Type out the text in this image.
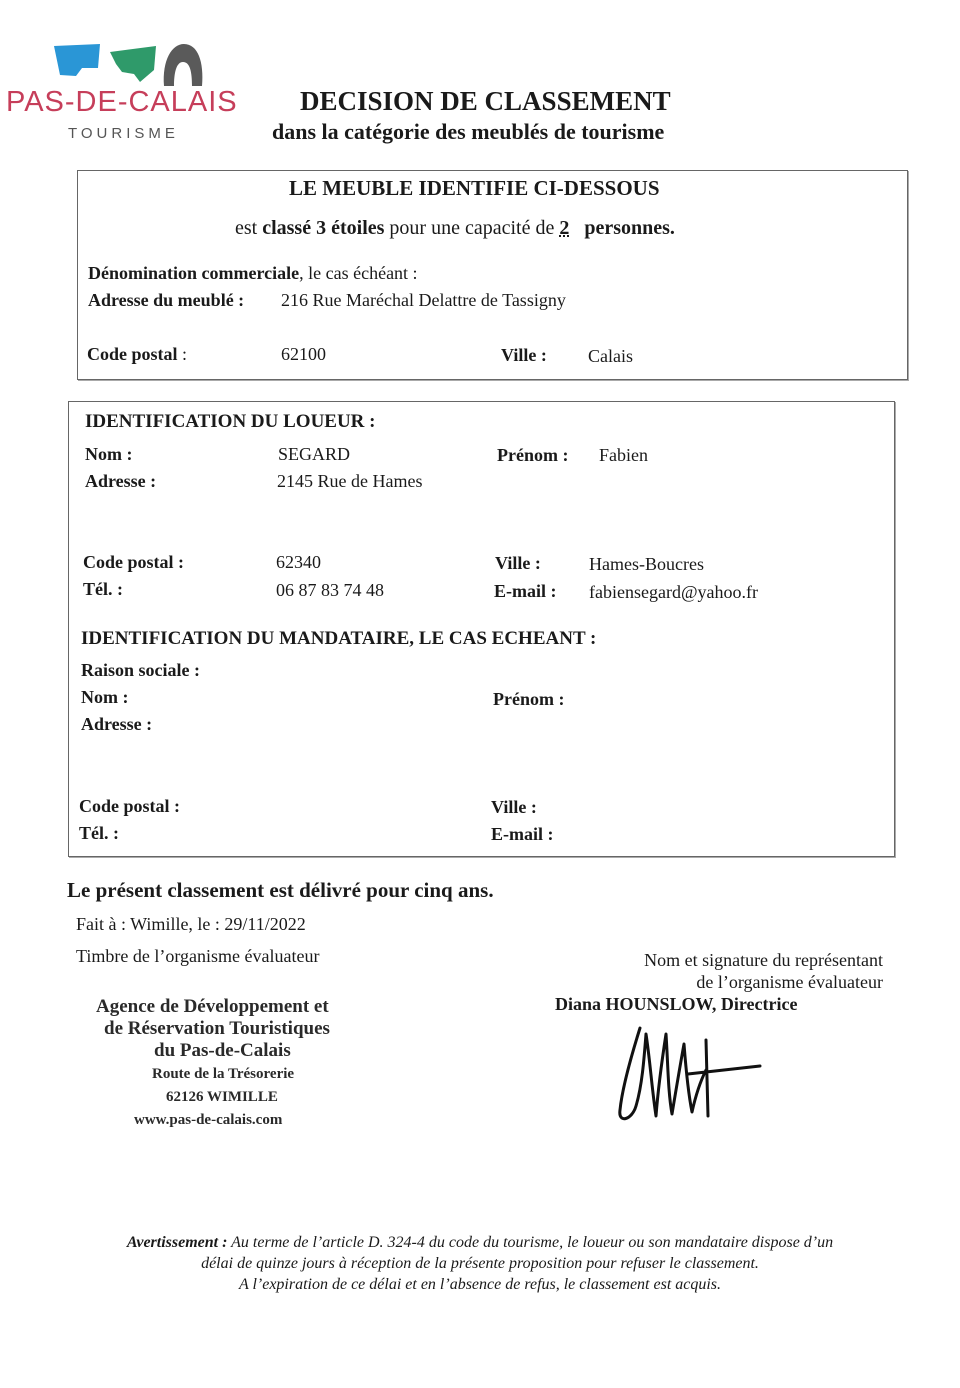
PAS-DE-CALAIS
TOURISME
DECISION DE CLASSEMENT
dans la catégorie des meublés de tourisme
LE MEUBLE IDENTIFIE CI-DESSOUS
est classé 3 étoiles pour une capacité de 2 personnes.
Dénomination commerciale, le cas échéant :
Adresse du meublé : 216 Rue Maréchal Delattre de Tassigny
Code postal :	62100	Ville : Calais
IDENTIFICATION DU LOUEUR :
Nom :	SEGARD	Prénom : Fabien
Adresse :	2145 Rue de Hames
Code postal :	62340	Ville :	Hames-Boucres
Tél. :	06 87 83 74 48	E-mail : fabiensegard@yahoo.fr
IDENTIFICATION DU MANDATAIRE, LE CAS ECHEANT :
Raison sociale :
Nom :	Prénom :
Adresse :
Code postal :	Ville :
Tél. :	E-mail :
Le présent classement est délivré pour cinq ans.
Fait à : Wimille, le : 29/11/2022
Timbre de l’organisme évaluateur	Nom et signature du représentant
de l’organisme évaluateur
Diana HOUNSLOW, Directrice
Agence de Développement et
de Réservation Touristiques
du Pas-de-Calais
Route de la Trésorerie
62126 WIMILLE
www.pas-de-calais.com
Avertissement : Au terme de l’article D. 324-4 du code du tourisme, le loueur ou son mandataire dispose d’un
délai de quinze jours à réception de la présente proposition pour refuser le classement.
A l’expiration de ce délai et en l’absence de refus, le classement est acquis.
